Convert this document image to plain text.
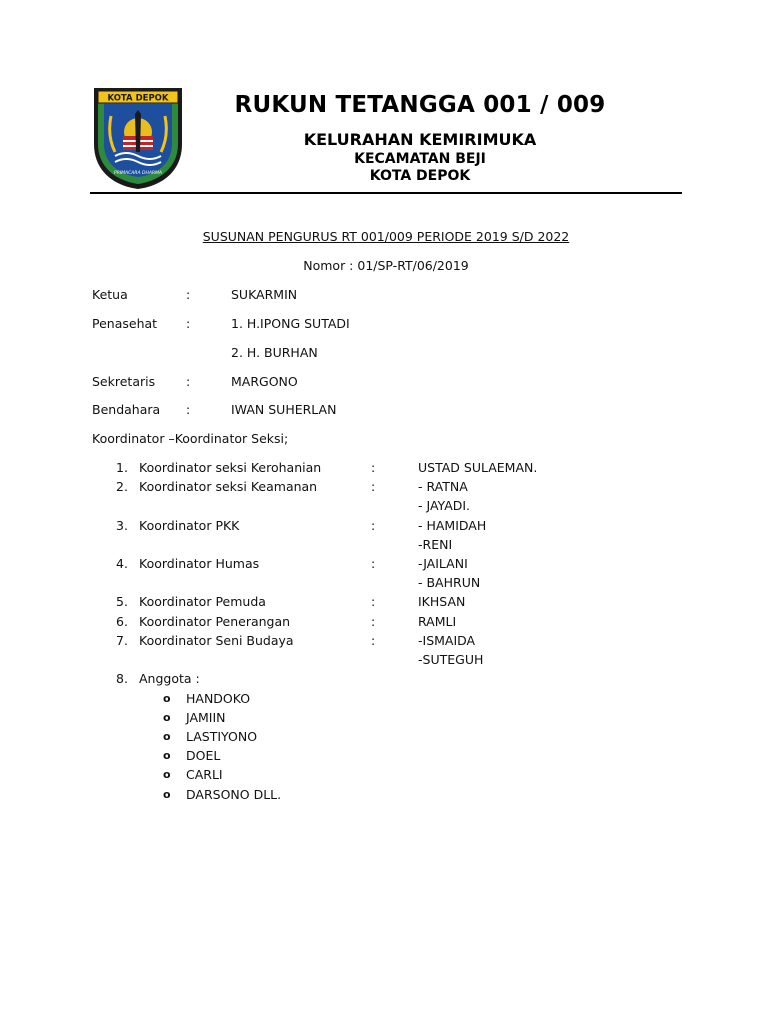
KOTA DEPOK
PRIMACARA DHARMA
RUKUN TETANGGA 001 / 009
KELURAHAN KEMIRIMUKA
KECAMATAN BEJI
KOTA DEPOK
SUSUNAN PENGURUS RT 001/009 PERIODE 2019 S/D 2022
Nomor : 01/SP-RT/06/2019
Ketua	:	SUKARMIN
Penasehat :	1. H.IPONG SUTADI
2. H. BURHAN
Sekretaris :	MARGONO
Bendahara :	IWAN SUHERLAN
Koordinator –Koordinator Seksi;
1. Koordinator seksi Kerohanian	:	USTAD SULAEMAN.
2. Koordinator seksi Keamanan	:	- RATNA
- JAYADI.
3. Koordinator PKK	:	- HAMIDAH
-RENI
4. Koordinator Humas	:	-JAILANI
- BAHRUN
5. Koordinator Pemuda	:	IKHSAN
6. Koordinator Penerangan	:	RAMLI
7. Koordinator Seni Budaya	:	-ISMAIDA
-SUTEGUH
8. Anggota :
o HANDOKO
o JAMIIN
o LASTIYONO
o DOEL
o CARLI
o DARSONO DLL.
